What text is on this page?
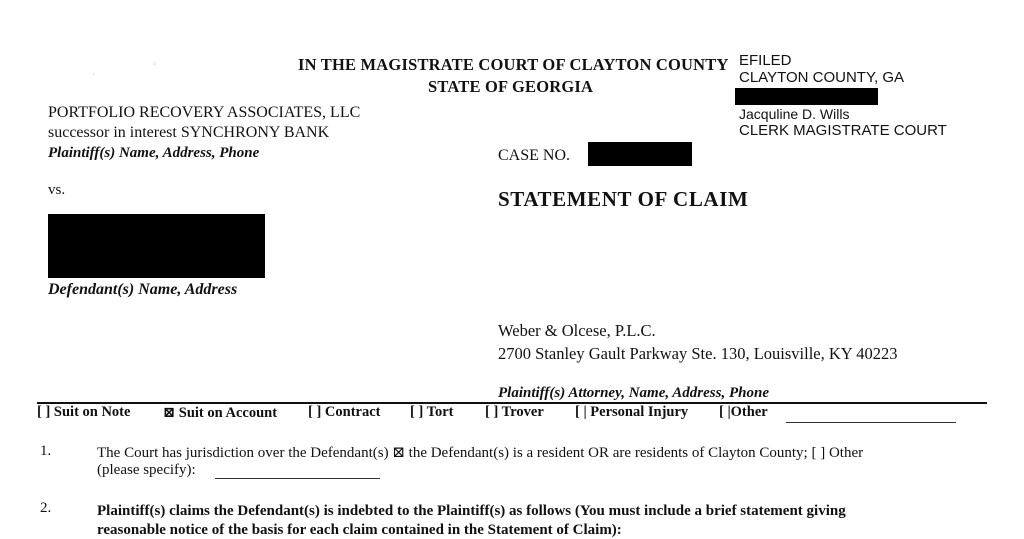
◦
·
IN THE MAGISTRATE COURT OF CLAYTON COUNTY
STATE OF GEORGIA
EFILED
CLAYTON COUNTY, GA
Jacquline D. Wills
CLERK MAGISTRATE COURT
PORTFOLIO RECOVERY ASSOCIATES, LLC
successor in interest SYNCHRONY BANK
Plaintiff(s) Name, Address, Phone	CASE NO.
vs.	STATEMENT OF CLAIM
Defendant(s) Name, Address
Weber & Olcese, P.L.C.
2700 Stanley Gault Parkway Ste. 130, Louisville, KY 40223
Plaintiff(s) Attorney, Name, Address, Phone
[ ] Suit on Note ⊠ Suit on Account [ ] Contract [ ] Tort [ ] Trover [ | Personal Injury [ |Other
1.	The Court has jurisdiction over the Defendant(s) ⊠ the Defendant(s) is a resident OR are residents of Clayton County; [ ] Other
(please specify):
2.	Plaintiff(s) claims the Defendant(s) is indebted to the Plaintiff(s) as follows (You must include a brief statement giving
reasonable notice of the basis for each claim contained in the Statement of Claim):
